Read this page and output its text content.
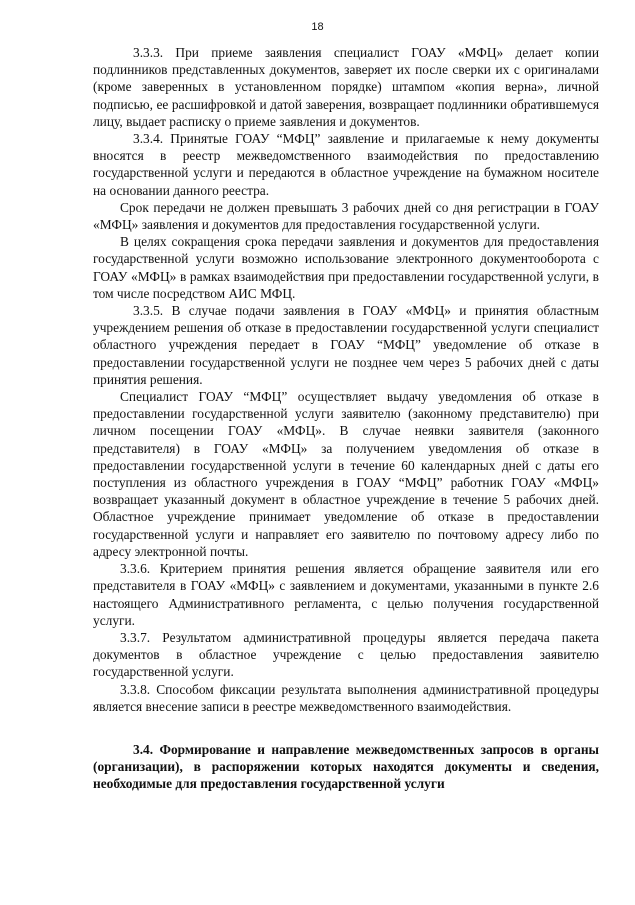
18

3.3.3. При приеме заявления специалист ГОАУ «МФЦ» делает копии подлинников представленных документов, заверяет их после сверки их с оригиналами (кроме заверенных в установленном порядке) штампом «копия верна», личной подписью, ее расшифровкой и датой заверения, возвращает подлинники обратившемуся лицу, выдает расписку о приеме заявления и документов.

3.3.4. Принятые ГОАУ “МФЦ” заявление и прилагаемые к нему документы вносятся в реестр межведомственного взаимодействия по предоставлению государственной услуги и передаются в областное учреждение на бумажном носителе на основании данного реестра.

Срок передачи не должен превышать 3 рабочих дней со дня регистрации в ГОАУ «МФЦ» заявления и документов для предоставления государственной услуги.

В целях сокращения срока передачи заявления и документов для предоставления государственной услуги возможно использование электронного документооборота с ГОАУ «МФЦ» в рамках взаимодействия при предоставлении государственной услуги, в том числе посредством АИС МФЦ.

3.3.5. В случае подачи заявления в ГОАУ «МФЦ» и принятия областным учреждением решения об отказе в предоставлении государственной услуги специалист областного учреждения передает в ГОАУ “МФЦ” уведомление об отказе в предоставлении государственной услуги не позднее чем через 5 рабочих дней с даты принятия решения.

Специалист ГОАУ “МФЦ” осуществляет выдачу уведомления об отказе в предоставлении государственной услуги заявителю (законному представителю) при личном посещении ГОАУ «МФЦ». В случае неявки заявителя (законного представителя) в ГОАУ «МФЦ» за получением уведомления об отказе в предоставлении государственной услуги в течение 60 календарных дней с даты его поступления из областного учреждения в ГОАУ “МФЦ” работник ГОАУ «МФЦ» возвращает указанный документ в областное учреждение в течение 5 рабочих дней. Областное учреждение принимает уведомление об отказе в предоставлении государственной услуги и направляет его заявителю по почтовому адресу либо по адресу электронной почты.

3.3.6. Критерием принятия решения является обращение заявителя или его представителя в ГОАУ «МФЦ» с заявлением и документами, указанными в пункте 2.6 настоящего Административного регламента, с целью получения государственной услуги.

3.3.7. Результатом административной процедуры является передача пакета документов в областное учреждение с целью предоставления заявителю государственной услуги.

3.3.8. Способом фиксации результата выполнения административной процедуры является внесение записи в реестре межведомственного взаимодействия.

3.4. Формирование и направление межведомственных запросов в органы (организации), в распоряжении которых находятся документы и сведения, необходимые для предоставления государственной услуги
